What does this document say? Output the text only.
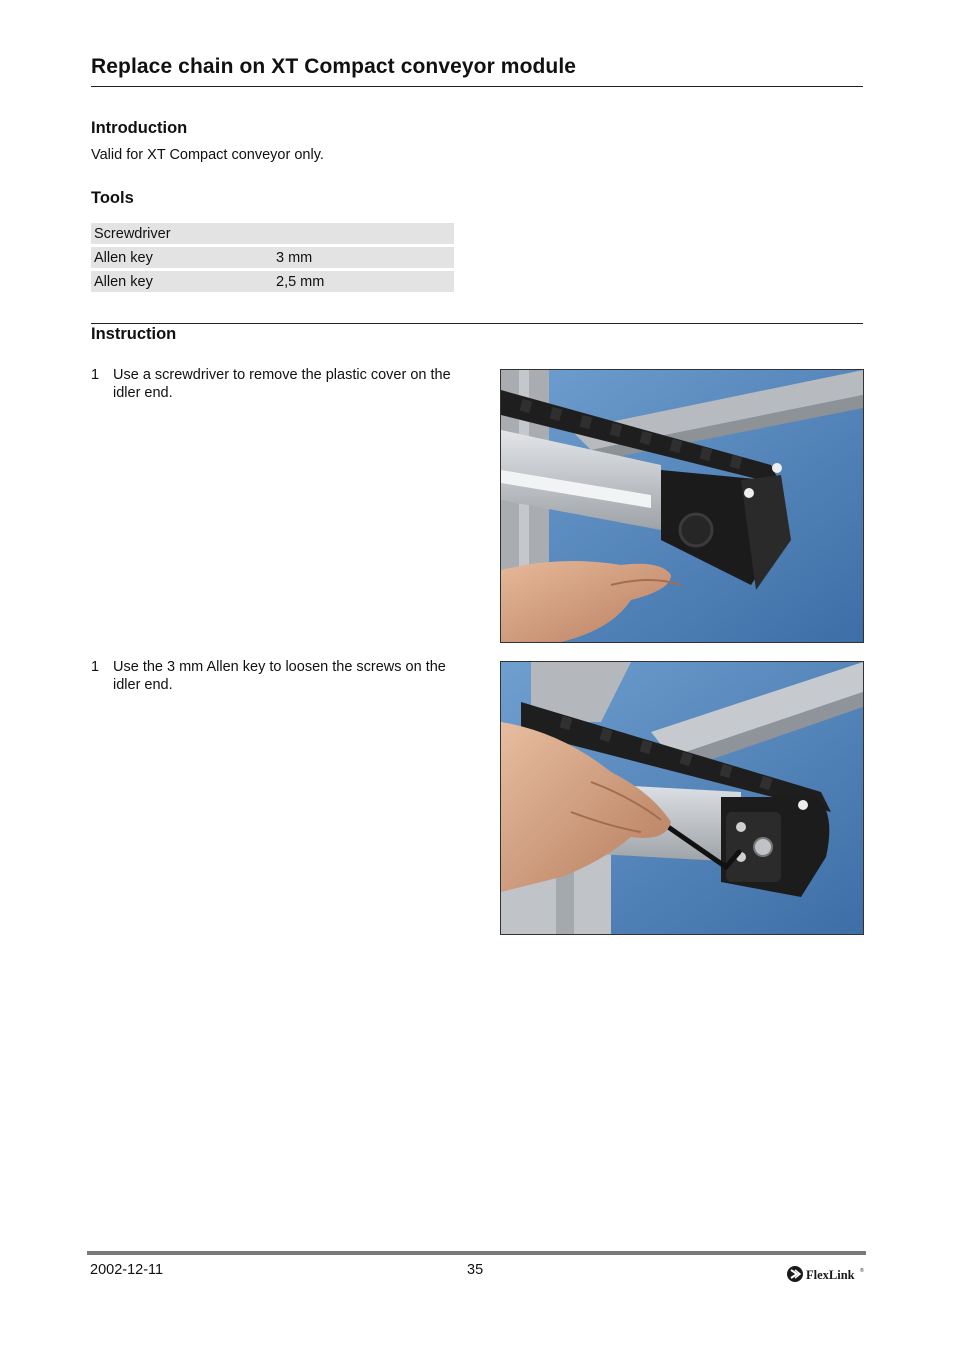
Replace chain on XT Compact conveyor module
Introduction
Valid for XT Compact conveyor only.
Tools
Screwdriver	
Allen key	3 mm
Allen key	2,5 mm
Instruction
1 Use a screwdriver to remove the plastic cover on the idler end.
1 Use the 3 mm Allen key to loosen the screws on the idler end.
2002-12-11	35	FlexLink ®
